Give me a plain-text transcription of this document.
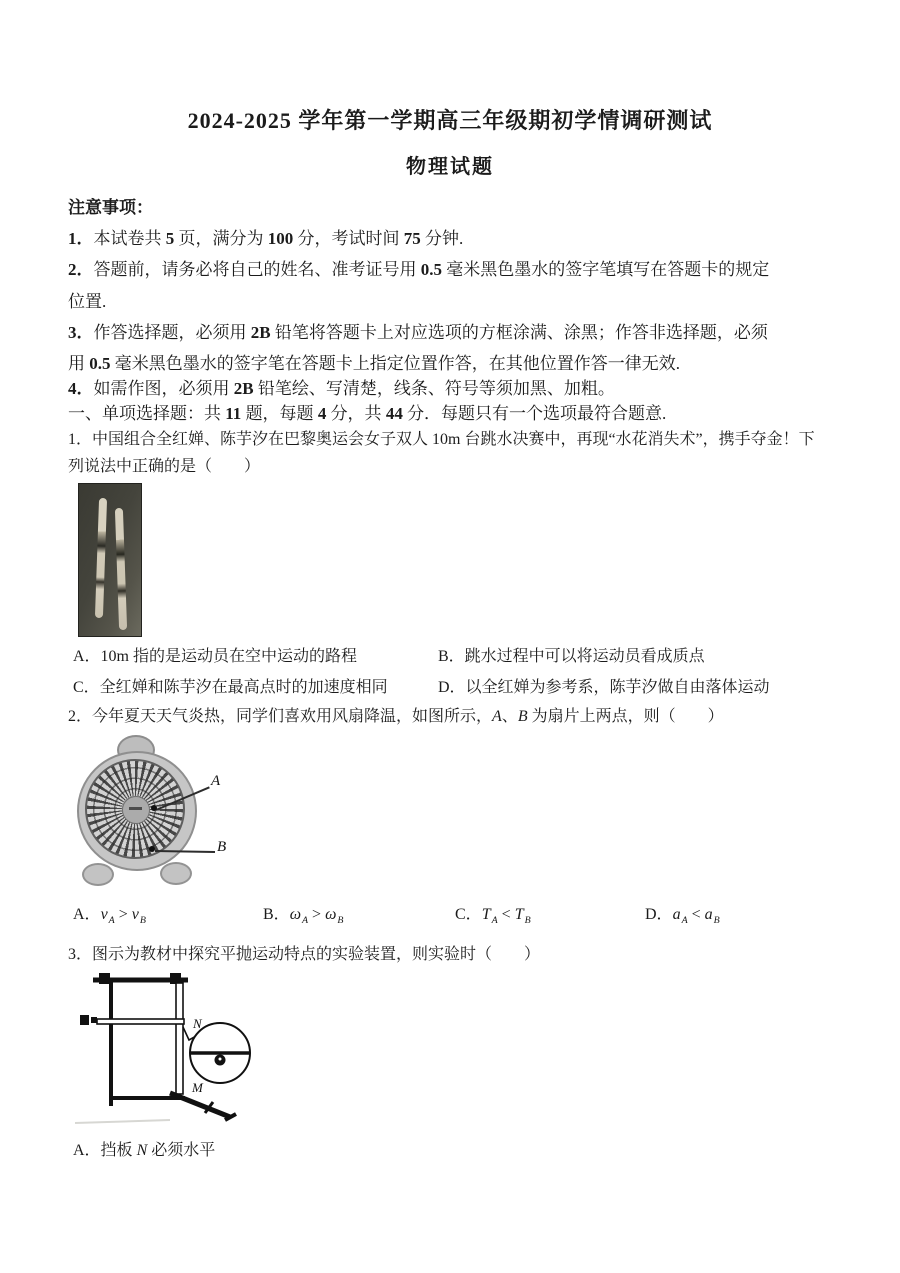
2024-2025 学年第一学期高三年级期初学情调研测试
物理试题
注意事项：
1．本试卷共 5 页，满分为 100 分，考试时间 75 分钟.
2．答题前，请务必将自己的姓名、准考证号用 0.5 毫米黑色墨水的签字笔填写在答题卡的规定
位置.
3．作答选择题，必须用 2B 铅笔将答题卡上对应选项的方框涂满、涂黑；作答非选择题，必须
用 0.5 毫米黑色墨水的签字笔在答题卡上指定位置作答，在其他位置作答一律无效.
4．如需作图，必须用 2B 铅笔绘、写清楚，线条、符号等须加黑、加粗。
一、单项选择题：共 11 题，每题 4 分，共 44 分．每题只有一个选项最符合题意.
1．中国组合全红婵、陈芋汐在巴黎奥运会女子双人 10m 台跳水决赛中，再现“水花消失术”，携手夺金！下
列说法中正确的是（　　）
A．10m 指的是运动员在空中运动的路程	B．跳水过程中可以将运动员看成质点
C．全红婵和陈芋汐在最高点时的加速度相同	D．以全红婵为参考系，陈芋汐做自由落体运动
2．今年夏天天气炎热，同学们喜欢用风扇降温，如图所示，A、B 为扇片上两点，则（　　）
A
B
A．$v_A > v_B$	B．$\omega_A > \omega_B$	C．$T_A < T_B$	D．$a_A < a_B$
3．图示为教材中探究平抛运动特点的实验装置，则实验时（　　）
N
M
A．挡板 N 必须水平
